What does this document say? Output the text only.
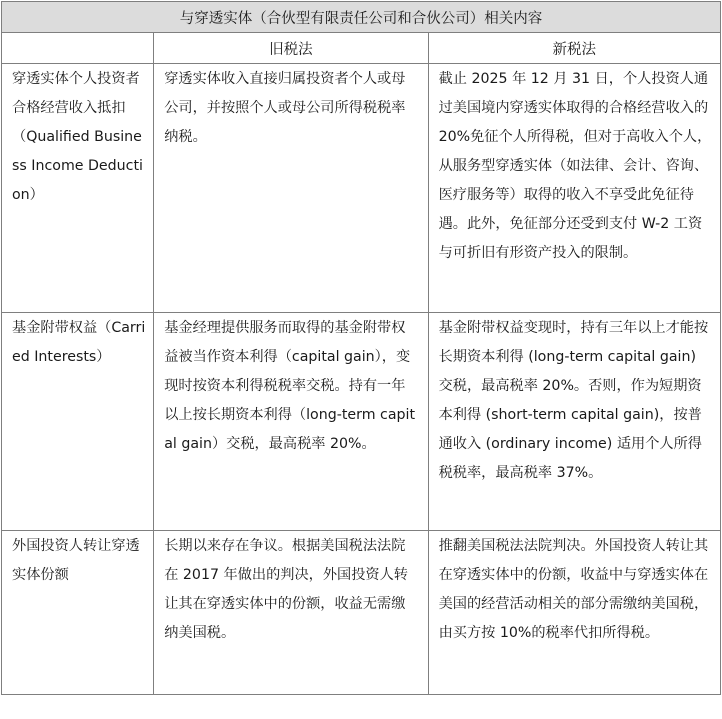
与穿透实体（合伙型有限责任公司和合伙公司）相关内容		
	旧税法	新税法
穿透实体个人投资者合格经营收入抵扣（Qualified Business Income Deduction）	穿透实体收入直接归属投资者个人或母公司，并按照个人或母公司所得税税率纳税。	截止 2025 年 12 月 31 日，个人投资人通过美国境内穿透实体取得的合格经营收入的 20%免征个人所得税，但对于高收入个人，从服务型穿透实体（如法律、会计、咨询、医疗服务等）取得的收入不享受此免征待遇。此外，免征部分还受到支付 W-2 工资与可折旧有形资产投入的限制。
基金附带权益（Carried Interests）	基金经理提供服务而取得的基金附带权益被当作资本利得（capital gain），变现时按资本利得税税率交税。持有一年以上按长期资本利得（long-term capital gain）交税，最高税率 20%。	基金附带权益变现时，持有三年以上才能按长期资本利得 (long-term capital gain) 交税，最高税率 20%。否则，作为短期资本利得 (short-term capital gain)，按普通收入 (ordinary income) 适用个人所得税税率，最高税率 37%。
外国投资人转让穿透实体份额	长期以来存在争议。根据美国税法法院在 2017 年做出的判决，外国投资人转让其在穿透实体中的份额，收益无需缴纳美国税。	推翻美国税法法院判决。外国投资人转让其在穿透实体中的份额，收益中与穿透实体在美国的经营活动相关的部分需缴纳美国税，由买方按 10%的税率代扣所得税。
